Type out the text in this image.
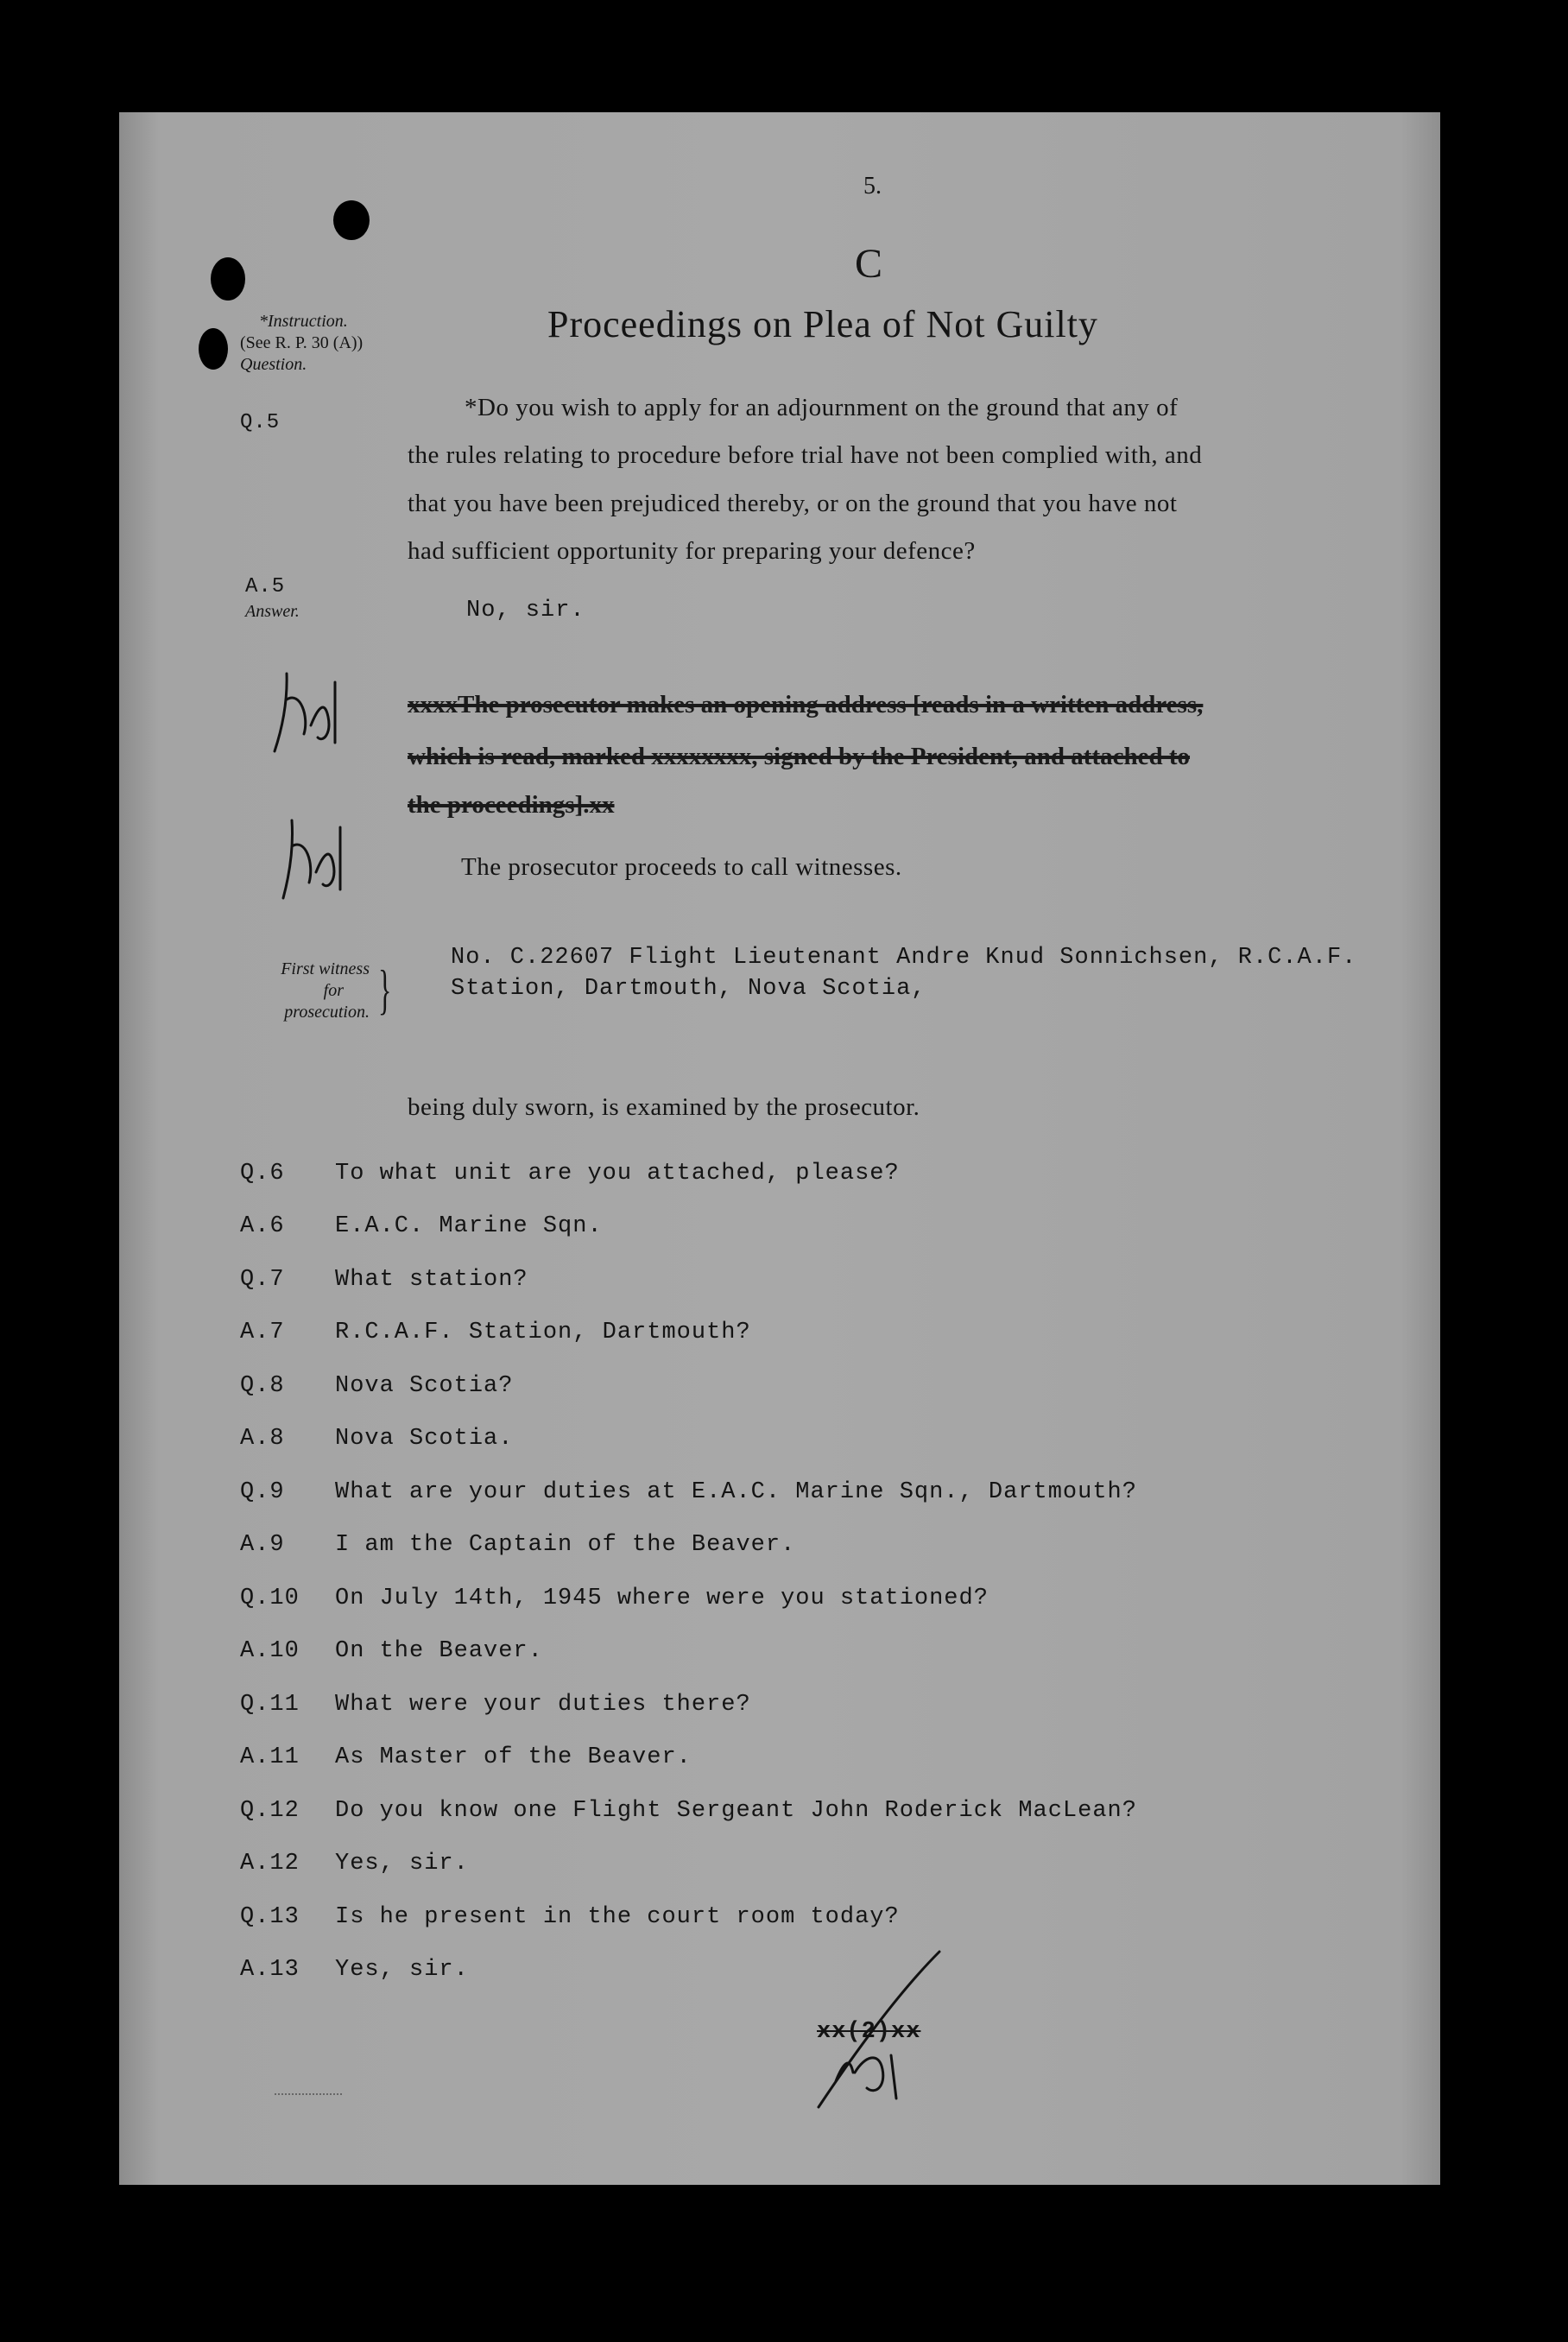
5.
C
Proceedings on Plea of Not Guilty
*Instruction.
(See R. P. 30 (A))
Question.
Q.5
*Do you wish to apply for an adjournment on the ground that any of
the rules relating to procedure before trial have not been complied with, and
that you have been prejudiced thereby, or on the ground that you have not
had sufficient opportunity for preparing your defence?
A.5
Answer.	No, sir.
xxxxThe prosecutor makes an opening address [reads in a written address,
which is read, marked xxxxxxxx, signed by the President, and attached to
the proceedings].xx
The prosecutor proceeds to call witnesses.
First witness
for
prosecution. }
No. C.22607 Flight Lieutenant Andre Knud Sonnichsen, R.C.A.F.
Station, Dartmouth, Nova Scotia,
being duly sworn, is examined by the prosecutor.
Q.6 To what unit are you attached, please?
A.6 E.A.C. Marine Sqn.
Q.7 What station?
A.7 R.C.A.F. Station, Dartmouth?
Q.8 Nova Scotia?
A.8 Nova Scotia.
Q.9 What are your duties at E.A.C. Marine Sqn., Dartmouth?
A.9 I am the Captain of the Beaver.
Q.10 On July 14th, 1945 where were you stationed?
A.10 On the Beaver.
Q.11 What were your duties there?
A.11 As Master of the Beaver.
Q.12 Do you know one Flight Sergeant John Roderick MacLean?
A.12 Yes, sir.
Q.13 Is he present in the court room today?
A.13 Yes, sir.
xx(2)xx
